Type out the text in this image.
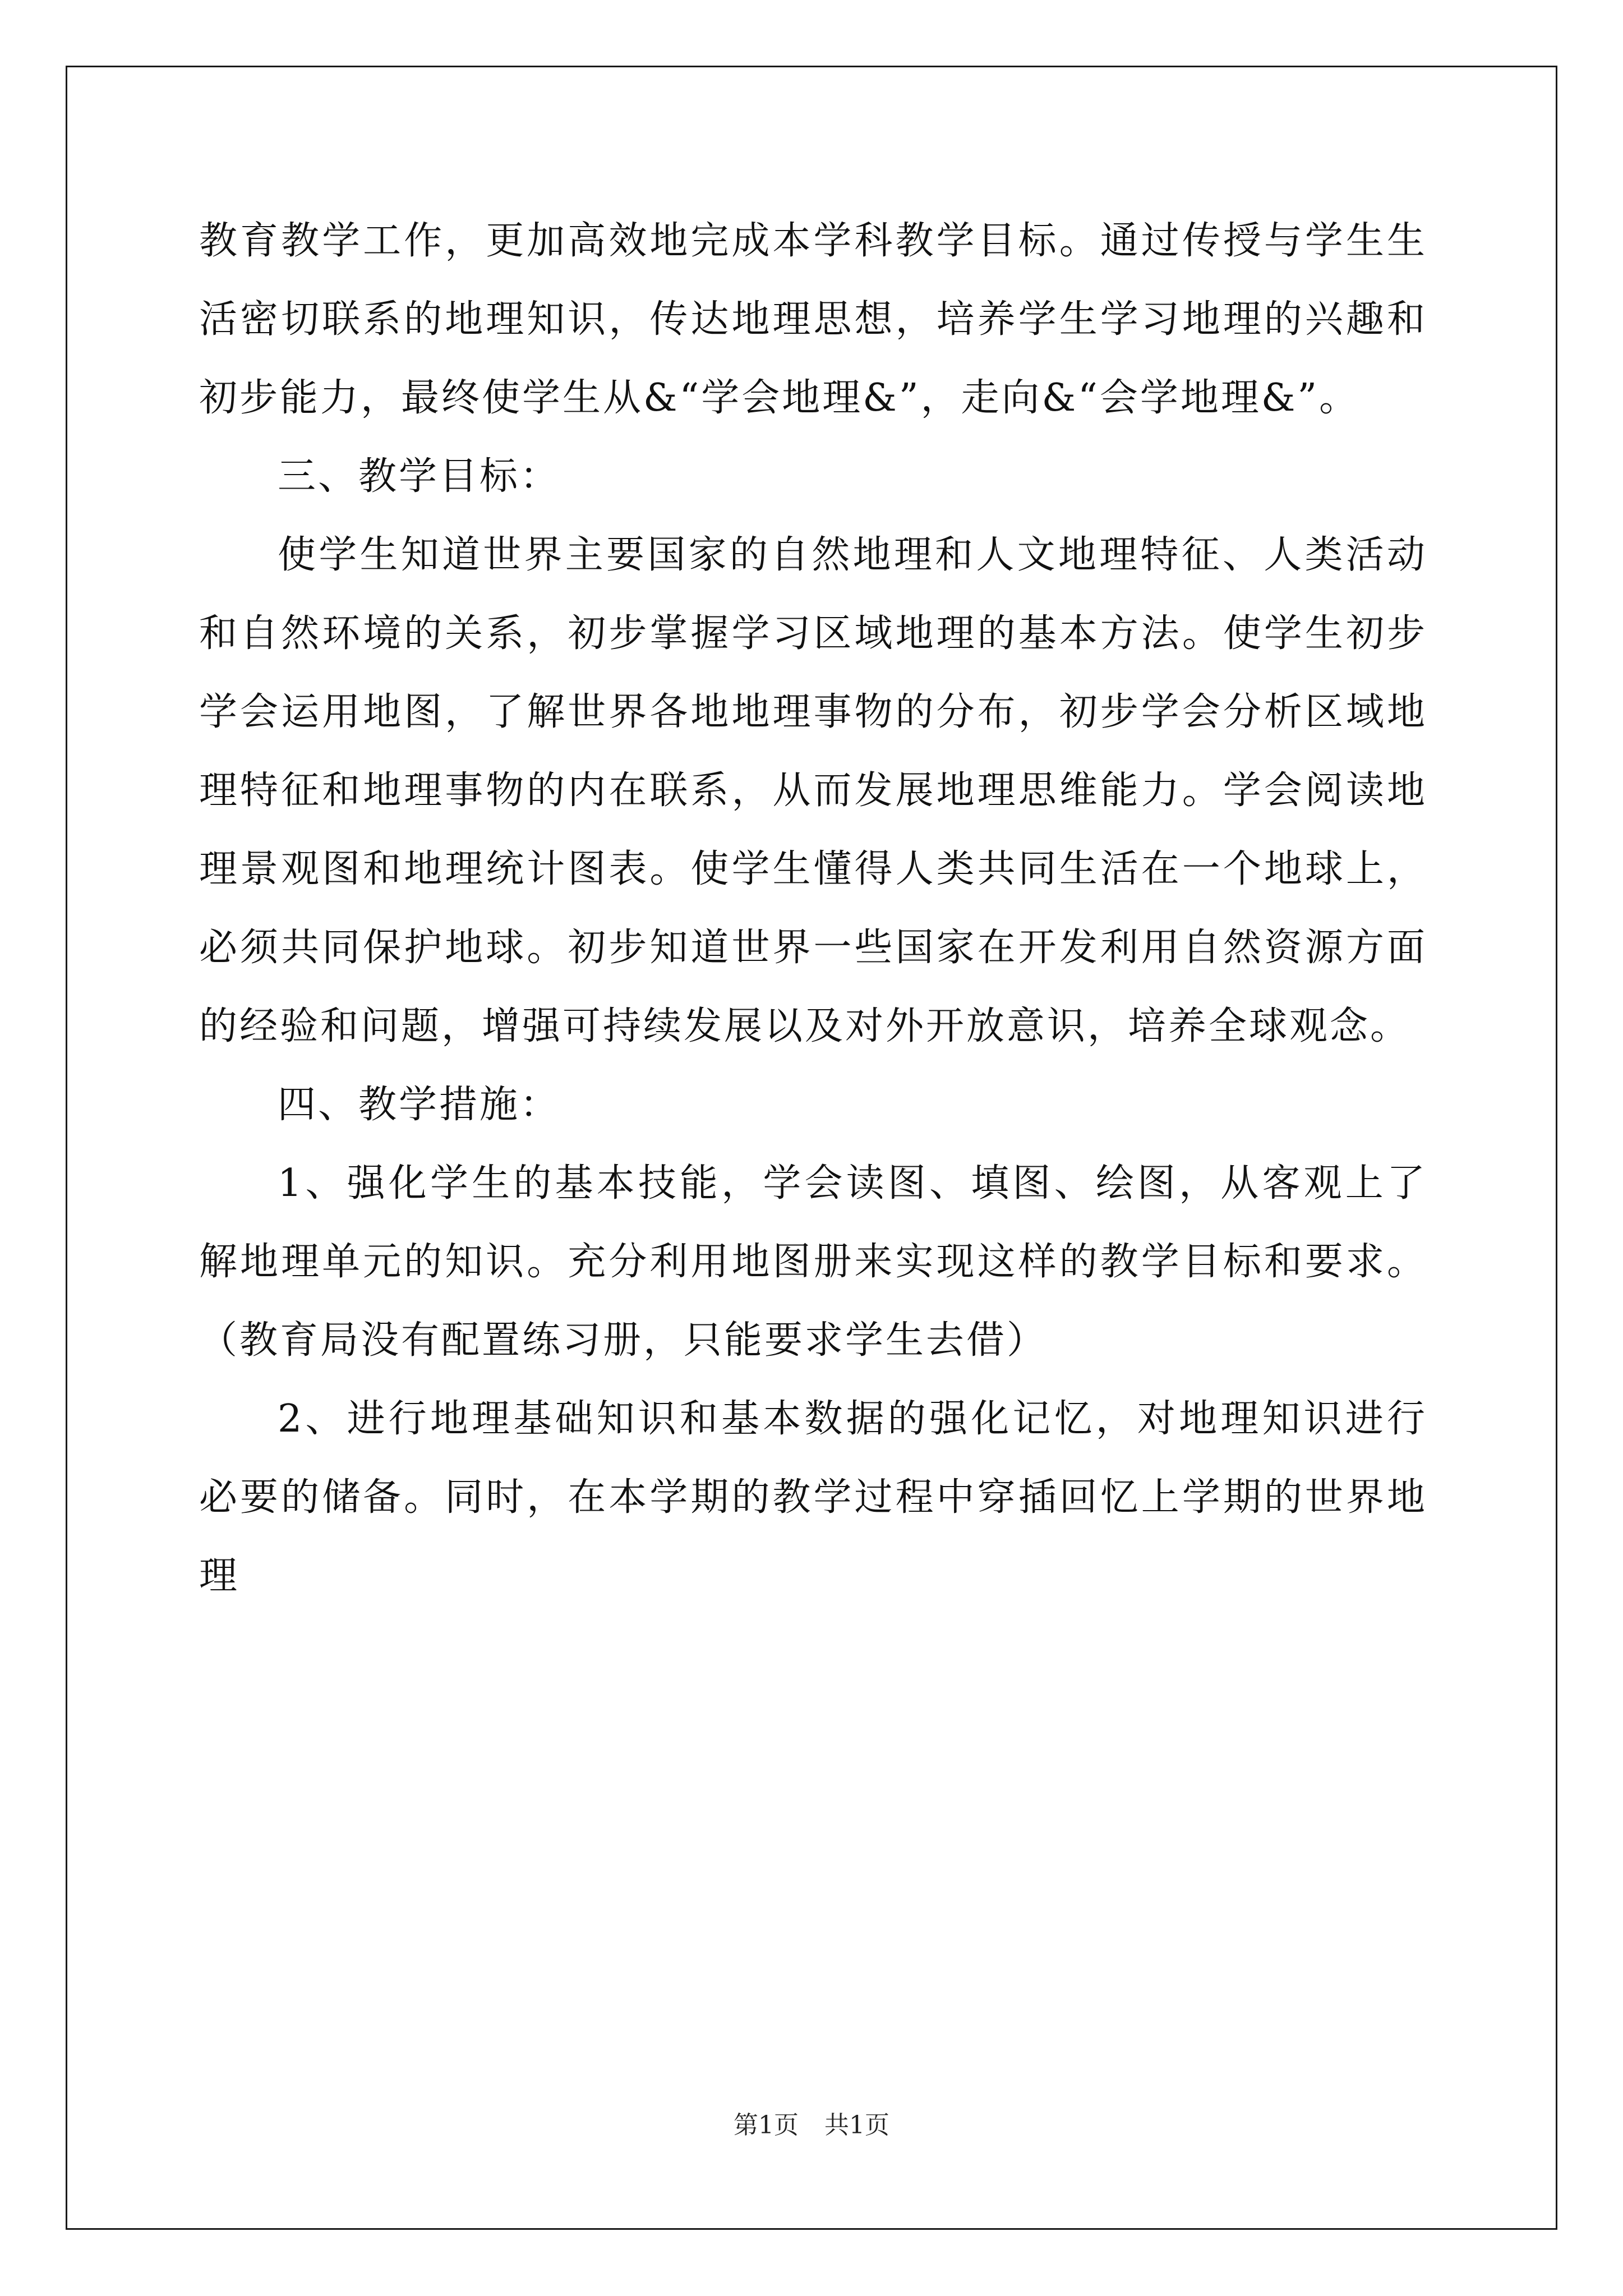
教育教学工作，更加高效地完成本学科教学目标。通过传授与学生生活密切联系的地理知识，传达地理思想，培养学生学习地理的兴趣和初步能力，最终使学生从&“学会地理&”，走向&“会学地理&”。

三、教学目标：

使学生知道世界主要国家的自然地理和人文地理特征、人类活动和自然环境的关系，初步掌握学习区域地理的基本方法。使学生初步学会运用地图，了解世界各地地理事物的分布，初步学会分析区域地理特征和地理事物的内在联系，从而发展地理思维能力。学会阅读地理景观图和地理统计图表。使学生懂得人类共同生活在一个地球上，必须共同保护地球。初步知道世界一些国家在开发利用自然资源方面的经验和问题，增强可持续发展以及对外开放意识，培养全球观念。

四、教学措施：

1、强化学生的基本技能，学会读图、填图、绘图，从客观上了解地理单元的知识。充分利用地图册来实现这样的教学目标和要求。（教育局没有配置练习册，只能要求学生去借）

2、进行地理基础知识和基本数据的强化记忆，对地理知识进行必要的储备。同时，在本学期的教学过程中穿插回忆上学期的世界地理

第1页 共1页
